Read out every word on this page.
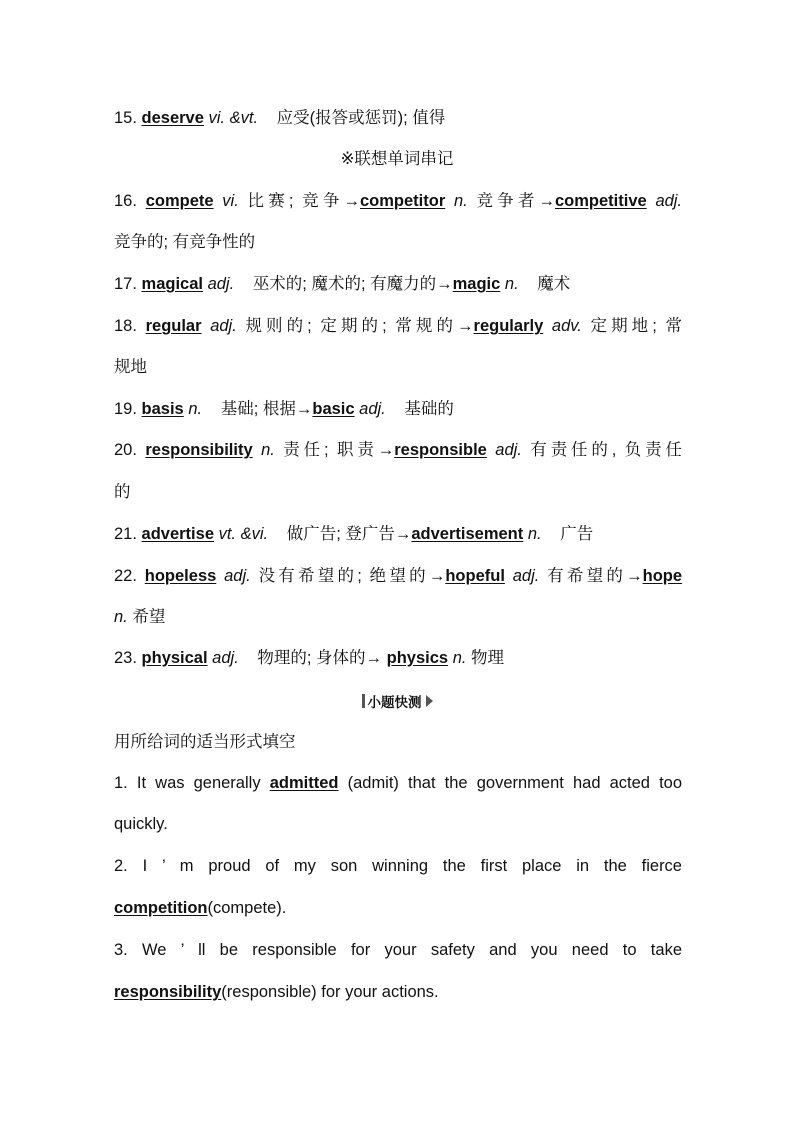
15. deserve vi. &vt. 应受(报答或惩罚); 值得
※联想单词串记
16. compete vi. 比赛; 竞争→competitor n. 竞争者→competitive adj.
竞争的; 有竞争性的
17. magical adj. 巫术的; 魔术的; 有魔力的→magic n. 魔术
18. regular adj. 规则的; 定期的; 常规的→regularly adv. 定期地; 常
规地
19. basis n. 基础; 根据→basic adj. 基础的
20. responsibility n. 责任; 职责→responsible adj. 有责任的, 负责任
的
21. advertise vt. &vi. 做广告; 登广告→advertisement n. 广告
22. hopeless adj. 没有希望的; 绝望的→hopeful adj. 有希望的→hope
n. 希望
23. physical adj. 物理的; 身体的→ physics n. 物理
小题快测
用所给词的适当形式填空
1. It was generally admitted (admit) that the government had acted too
quickly.
2. I ’ m proud of my son winning the first place in the fierce
competition(compete).
3. We ’ ll be responsible for your safety and you need to take
responsibility(responsible) for your actions.
